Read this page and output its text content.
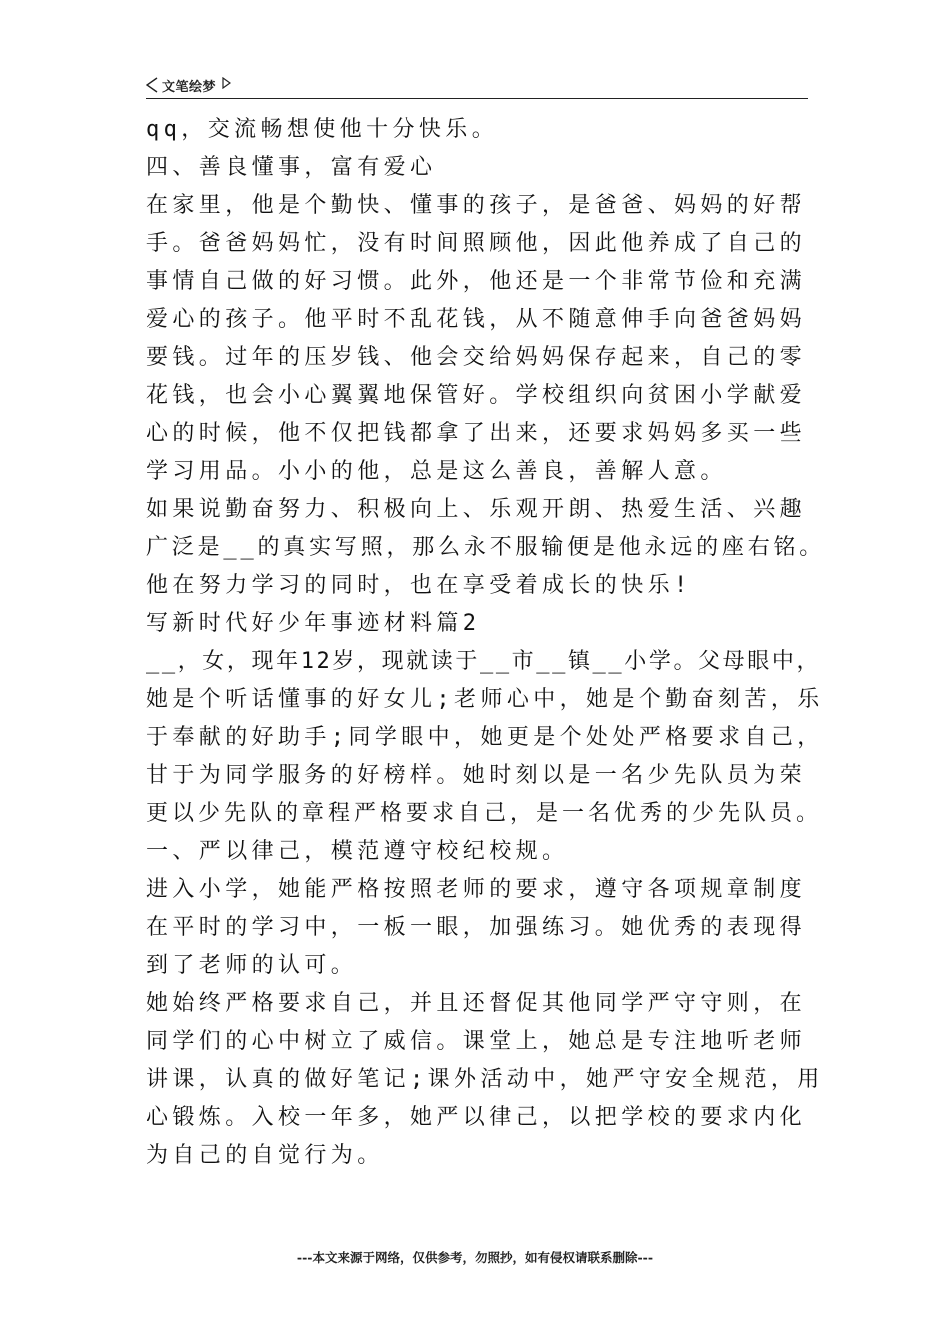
文笔绘梦
qq，交流畅想使他十分快乐。
四、善良懂事，富有爱心
在家里，他是个勤快、懂事的孩子，是爸爸、妈妈的好帮
手。爸爸妈妈忙，没有时间照顾他，因此他养成了自己的
事情自己做的好习惯。此外，他还是一个非常节俭和充满
爱心的孩子。他平时不乱花钱，从不随意伸手向爸爸妈妈
要钱。过年的压岁钱、他会交给妈妈保存起来，自己的零
花钱，也会小心翼翼地保管好。学校组织向贫困小学献爱
心的时候，他不仅把钱都拿了出来，还要求妈妈多买一些
学习用品。小小的他，总是这么善良，善解人意。
如果说勤奋努力、积极向上、乐观开朗、热爱生活、兴趣
广泛是__的真实写照，那么永不服输便是他永远的座右铭。
他在努力学习的同时，也在享受着成长的快乐!
写新时代好少年事迹材料篇2
__，女，现年12岁，现就读于__市__镇__小学。父母眼中，
她是个听话懂事的好女儿;老师心中，她是个勤奋刻苦，乐
于奉献的好助手;同学眼中，她更是个处处严格要求自己，
甘于为同学服务的好榜样。她时刻以是一名少先队员为荣
更以少先队的章程严格要求自己，是一名优秀的少先队员。
一、严以律己，模范遵守校纪校规。
进入小学，她能严格按照老师的要求，遵守各项规章制度
在平时的学习中，一板一眼，加强练习。她优秀的表现得
到了老师的认可。
她始终严格要求自己，并且还督促其他同学严守守则，在
同学们的心中树立了威信。课堂上，她总是专注地听老师
讲课，认真的做好笔记;课外活动中，她严守安全规范，用
心锻炼。入校一年多，她严以律己，以把学校的要求内化
为自己的自觉行为。
---本文来源于网络，仅供参考，勿照抄，如有侵权请联系删除---
